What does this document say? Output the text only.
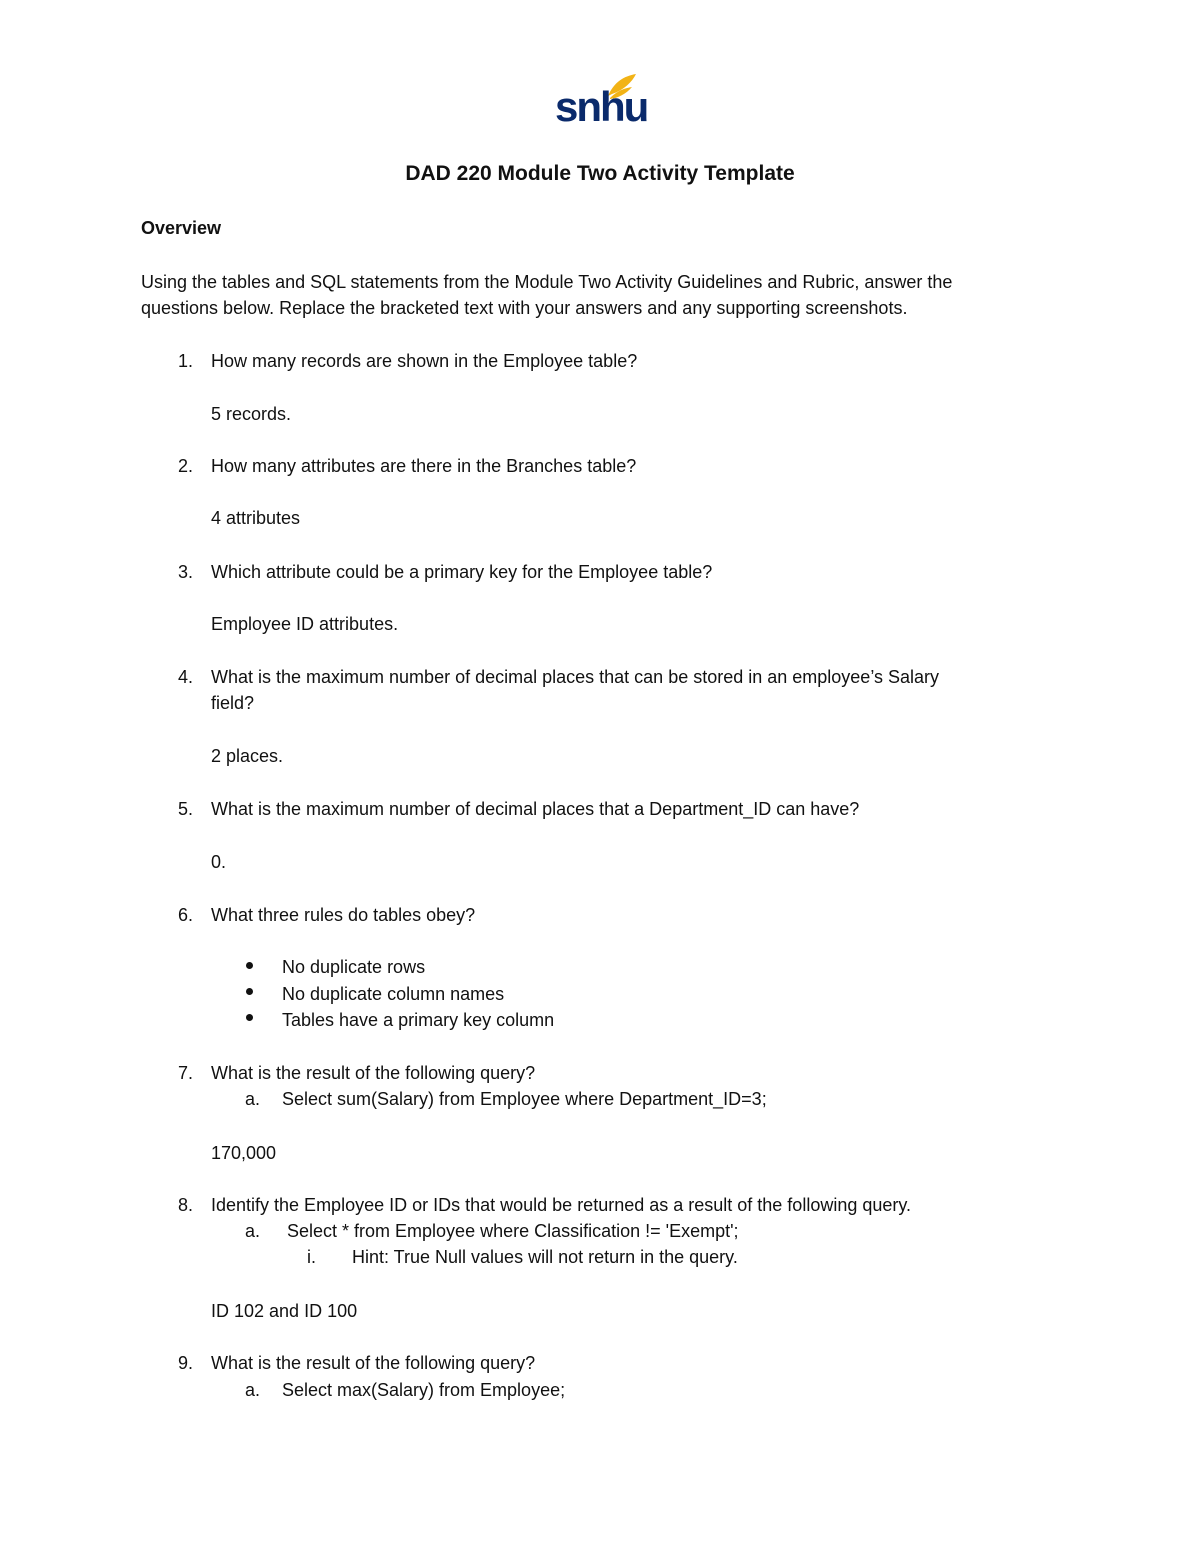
snhu
DAD 220 Module Two Activity Template
Overview
Using the tables and SQL statements from the Module Two Activity Guidelines and Rubric, answer the
questions below. Replace the bracketed text with your answers and any supporting screenshots.
1. How many records are shown in the Employee table?
5 records.
2. How many attributes are there in the Branches table?
4 attributes
3. Which attribute could be a primary key for the Employee table?
Employee ID attributes.
4. What is the maximum number of decimal places that can be stored in an employee’s Salary
field?
2 places.
5. What is the maximum number of decimal places that a Department_ID can have?
0.
6. What three rules do tables obey?
No duplicate rows
No duplicate column names
Tables have a primary key column
7. What is the result of the following query?
a. Select sum(Salary) from Employee where Department_ID=3;
170,000
8. Identify the Employee ID or IDs that would be returned as a result of the following query.
a. Select * from Employee where Classification != 'Exempt';
i. Hint: True Null values will not return in the query.
ID 102 and ID 100
9. What is the result of the following query?
a. Select max(Salary) from Employee;
